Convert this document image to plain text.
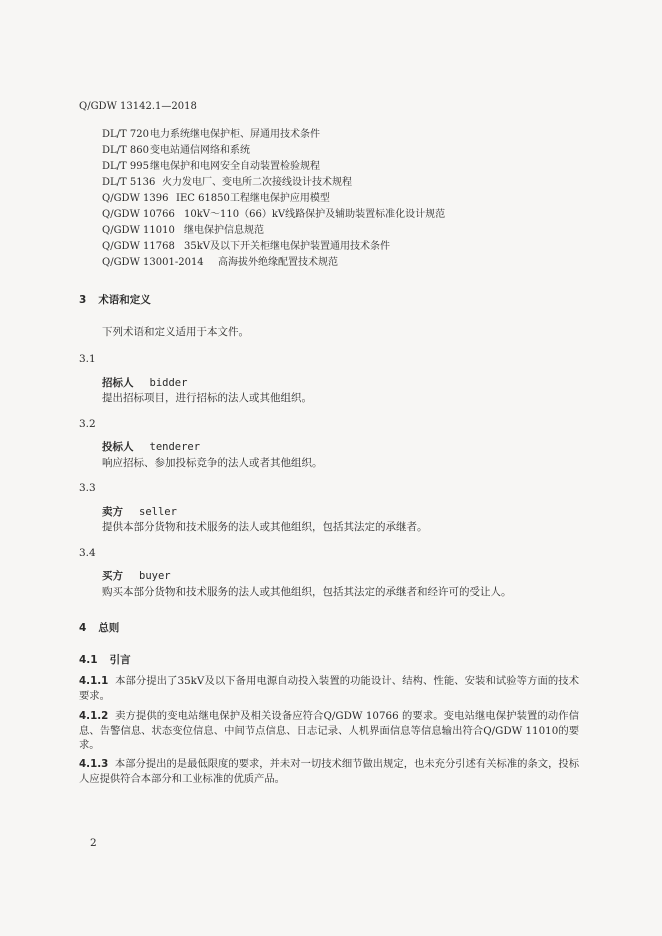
Q/GDW 13142.1—2018
DL/T 720电力系统继电保护柜、屏通用技术条件
DL/T 860变电站通信网络和系统
DL/T 995继电保护和电网安全自动装置检验规程
DL/T 5136 火力发电厂、变电所二次接线设计技术规程
Q/GDW 1396 IEC 61850工程继电保护应用模型
Q/GDW 10766 10kV～110（66）kV线路保护及辅助装置标准化设计规范
Q/GDW 11010 继电保护信息规范
Q/GDW 11768 35kV及以下开关柜继电保护装置通用技术条件
Q/GDW 13001-2014 高海拔外绝缘配置技术规范
3 术语和定义
下列术语和定义适用于本文件。
3.1
招标人 bidder
提出招标项目，进行招标的法人或其他组织。
3.2
投标人 tenderer
响应招标、参加投标竞争的法人或者其他组织。
3.3
卖方 seller
提供本部分货物和技术服务的法人或其他组织，包括其法定的承继者。
3.4
买方 buyer
购买本部分货物和技术服务的法人或其他组织，包括其法定的承继者和经许可的受让人。
4 总则
4.1 引言
4.1.1 本部分提出了35kV及以下备用电源自动投入装置的功能设计、结构、性能、安装和试验等方面的技术要求。
4.1.2 卖方提供的变电站继电保护及相关设备应符合Q/GDW 10766 的要求。变电站继电保护装置的动作信息、告警信息、状态变位信息、中间节点信息、日志记录、人机界面信息等信息输出符合Q/GDW 11010的要求。
4.1.3 本部分提出的是最低限度的要求，并未对一切技术细节做出规定，也未充分引述有关标准的条文，投标人应提供符合本部分和工业标准的优质产品。
2
